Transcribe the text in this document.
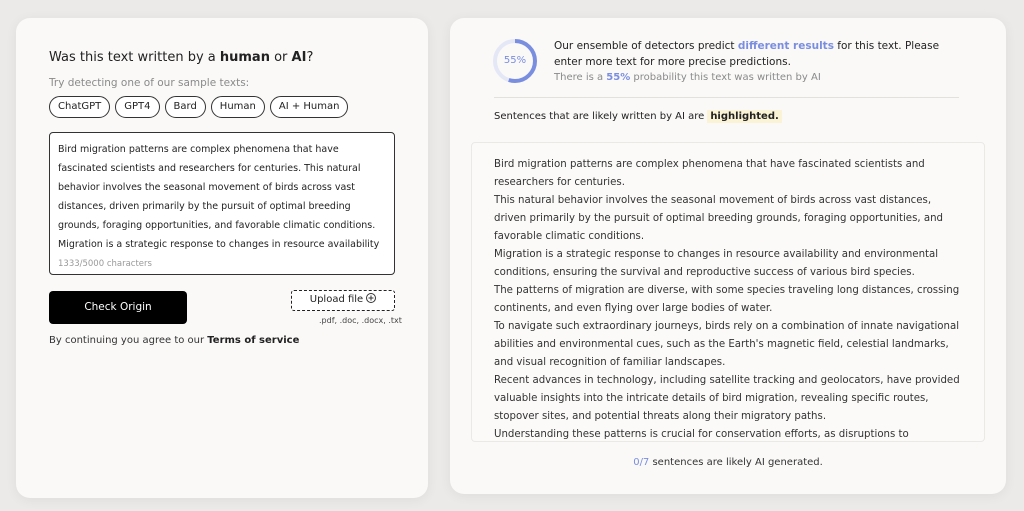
Was this text written by a human or AI?
Try detecting one of our sample texts:
ChatGPT	GPT4	Bard	Human	AI + Human
Bird migration patterns are complex phenomena that have fascinated scientists and researchers for centuries. This natural behavior involves the seasonal movement of birds across vast distances, driven primarily by the pursuit of optimal breeding grounds, foraging opportunities, and favorable climatic conditions. Migration is a strategic response to changes in resource availability
1333/5000 characters
Check Origin
Upload file
.pdf, .doc, .docx, .txt
By continuing you agree to our Terms of service
55%
Our ensemble of detectors predict different results for this text. Please enter more text for more precise predictions.
There is a 55% probability this text was written by AI
Sentences that are likely written by AI are highlighted.
Bird migration patterns are complex phenomena that have fascinated scientists and researchers for centuries.
This natural behavior involves the seasonal movement of birds across vast distances, driven primarily by the pursuit of optimal breeding grounds, foraging opportunities, and favorable climatic conditions.
Migration is a strategic response to changes in resource availability and environmental conditions, ensuring the survival and reproductive success of various bird species.
The patterns of migration are diverse, with some species traveling long distances, crossing continents, and even flying over large bodies of water.
To navigate such extraordinary journeys, birds rely on a combination of innate navigational abilities and environmental cues, such as the Earth's magnetic field, celestial landmarks, and visual recognition of familiar landscapes.
Recent advances in technology, including satellite tracking and geolocators, have provided valuable insights into the intricate details of bird migration, revealing specific routes, stopover sites, and potential threats along their migratory paths.
Understanding these patterns is crucial for conservation efforts, as disruptions to
0/7 sentences are likely AI generated.
